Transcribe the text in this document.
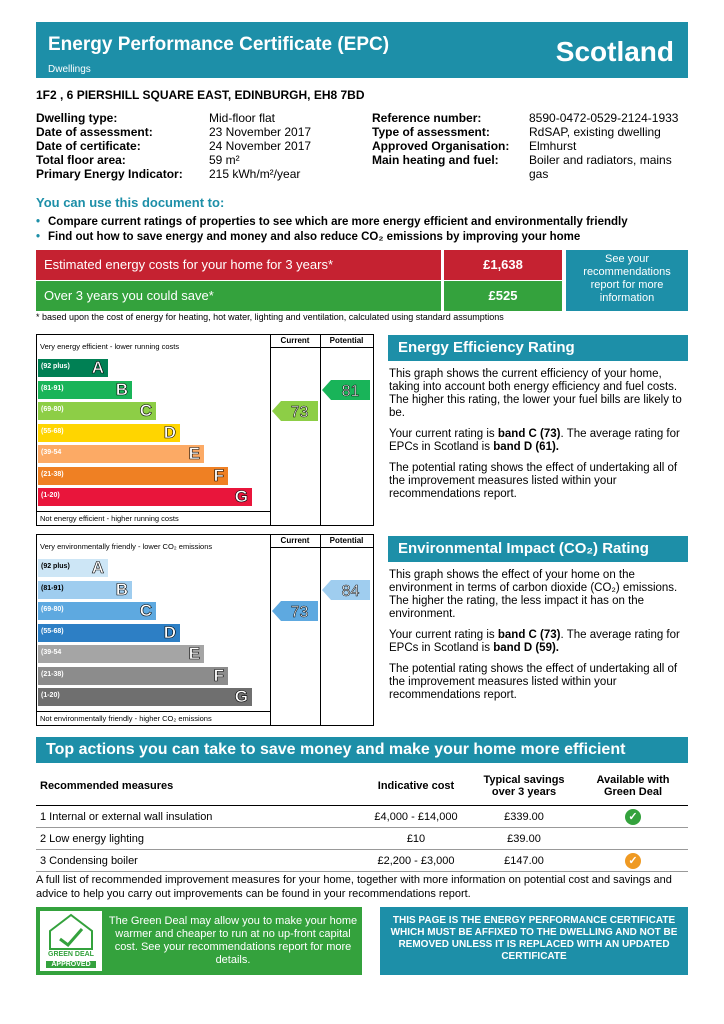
Energy Performance Certificate (EPC)
Dwellings
Scotland
1F2 , 6 PIERSHILL SQUARE EAST, EDINBURGH, EH8 7BD
Dwelling type:	Mid-floor flat
Date of assessment:	23 November 2017
Date of certificate:	24 November 2017
Total floor area:	59 m²
Primary Energy Indicator: 215 kWh/m²/year
Reference number:	8590-0472-0529-2124-1933
Type of assessment:	RdSAP, existing dwelling
Approved Organisation: Elmhurst
Main heating and fuel:	Boiler and radiators, mains gas
You can use this document to:
• Compare current ratings of properties to see which are more energy efficient and environmentally friendly
• Find out how to save energy and money and also reduce CO₂ emissions by improving your home
Estimated energy costs for your home for 3 years*	£1,638
Over 3 years you could save*	£525
See your recommendations report for more information
* based upon the cost of energy for heating, hot water, lighting and ventilation, calculated using standard assumptions
Current	Potential
Very energy efficient - lower running costs
Not energy efficient - higher running costs
(92 plus) A
(81-91)	B
(69-80)	C
(55-68)	D
(39-54	E
(21-38)	F
(1-20)	G
73
81
Current	Potential
Very environmentally friendly - lower CO₂ emissions
Not environmentally friendly - higher CO₂ emissions
(92 plus) A
(81-91)	B
(69-80)	C
(55-68)	D
(39-54	E
(21-38)	F
(1-20)	G
73
84
Energy Efficiency Rating

This graph shows the current efficiency of your home, taking into account both energy efficiency and fuel costs. The higher this rating, the lower your fuel bills are likely to be.

Your current rating is band C (73). The average rating for EPCs in Scotland is band D (61).

The potential rating shows the effect of undertaking all of the improvement measures listed within your recommendations report.

Environmental Impact (CO₂) Rating

This graph shows the effect of your home on the environment in terms of carbon dioxide (CO₂) emissions. The higher the rating, the less impact it has on the environment.

Your current rating is band C (73). The average rating for EPCs in Scotland is band D (59).

The potential rating shows the effect of undertaking all of the improvement measures listed within your recommendations report.

Top actions you can take to save money and make your home more efficient
Recommended measures	Indicative cost	Typical savings over 3 years	Available with Green Deal
1 Internal or external wall insulation	£4,000 - £14,000	£339.00	✓
2 Low energy lighting	£10	£39.00	
3 Condensing boiler	£2,200 - £3,000	£147.00	✓
A full list of recommended improvement measures for your home, together with more information on potential cost and savings and advice to help you carry out improvements can be found in your recommendations report.
GREEN DEAL
APPROVED
The Green Deal may allow you to make your home warmer and cheaper to run at no up-front capital cost. See your recommendations report for more details.
THIS PAGE IS THE ENERGY PERFORMANCE CERTIFICATE WHICH MUST BE AFFIXED TO THE DWELLING AND NOT BE REMOVED UNLESS IT IS REPLACED WITH AN UPDATED CERTIFICATE
